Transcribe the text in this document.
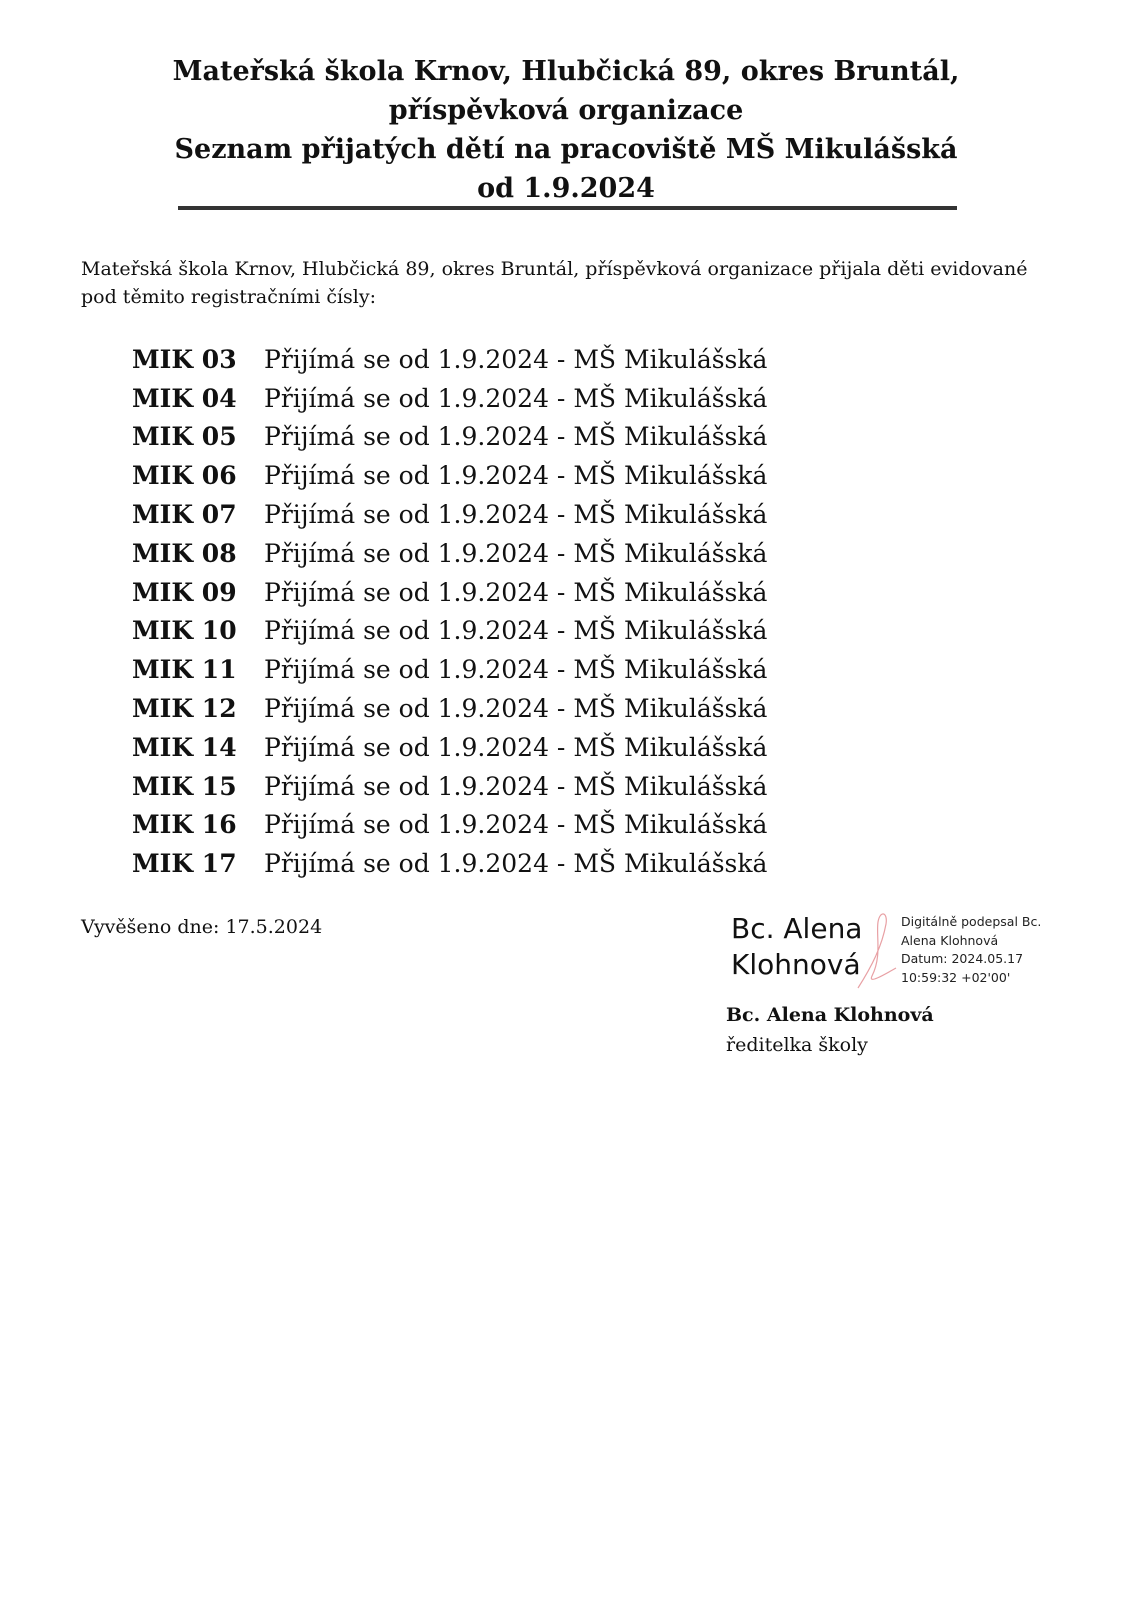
Mateřská škola Krnov, Hlubčická 89, okres Bruntál,
příspěvková organizace
Seznam přijatých dětí na pracoviště MŠ Mikulášská
od 1.9.2024

Mateřská škola Krnov, Hlubčická 89, okres Bruntál, příspěvková organizace přijala děti evidované pod těmito registračními čísly:

MIK 03	Přijímá se od 1.9.2024 - MŠ Mikulášská
MIK 04	Přijímá se od 1.9.2024 - MŠ Mikulášská
MIK 05	Přijímá se od 1.9.2024 - MŠ Mikulášská
MIK 06	Přijímá se od 1.9.2024 - MŠ Mikulášská
MIK 07	Přijímá se od 1.9.2024 - MŠ Mikulášská
MIK 08	Přijímá se od 1.9.2024 - MŠ Mikulášská
MIK 09	Přijímá se od 1.9.2024 - MŠ Mikulášská
MIK 10	Přijímá se od 1.9.2024 - MŠ Mikulášská
MIK 11	Přijímá se od 1.9.2024 - MŠ Mikulášská
MIK 12	Přijímá se od 1.9.2024 - MŠ Mikulášská
MIK 14	Přijímá se od 1.9.2024 - MŠ Mikulášská
MIK 15	Přijímá se od 1.9.2024 - MŠ Mikulášská
MIK 16	Přijímá se od 1.9.2024 - MŠ Mikulášská
MIK 17	Přijímá se od 1.9.2024 - MŠ Mikulášská

Vyvěšeno dne: 17.5.2024	Bc. Alena
Klohnová
Digitálně podepsal Bc.
Alena Klohnová
Datum: 2024.05.17
10:59:32 +02'00'
Bc. Alena Klohnová
ředitelka školy
